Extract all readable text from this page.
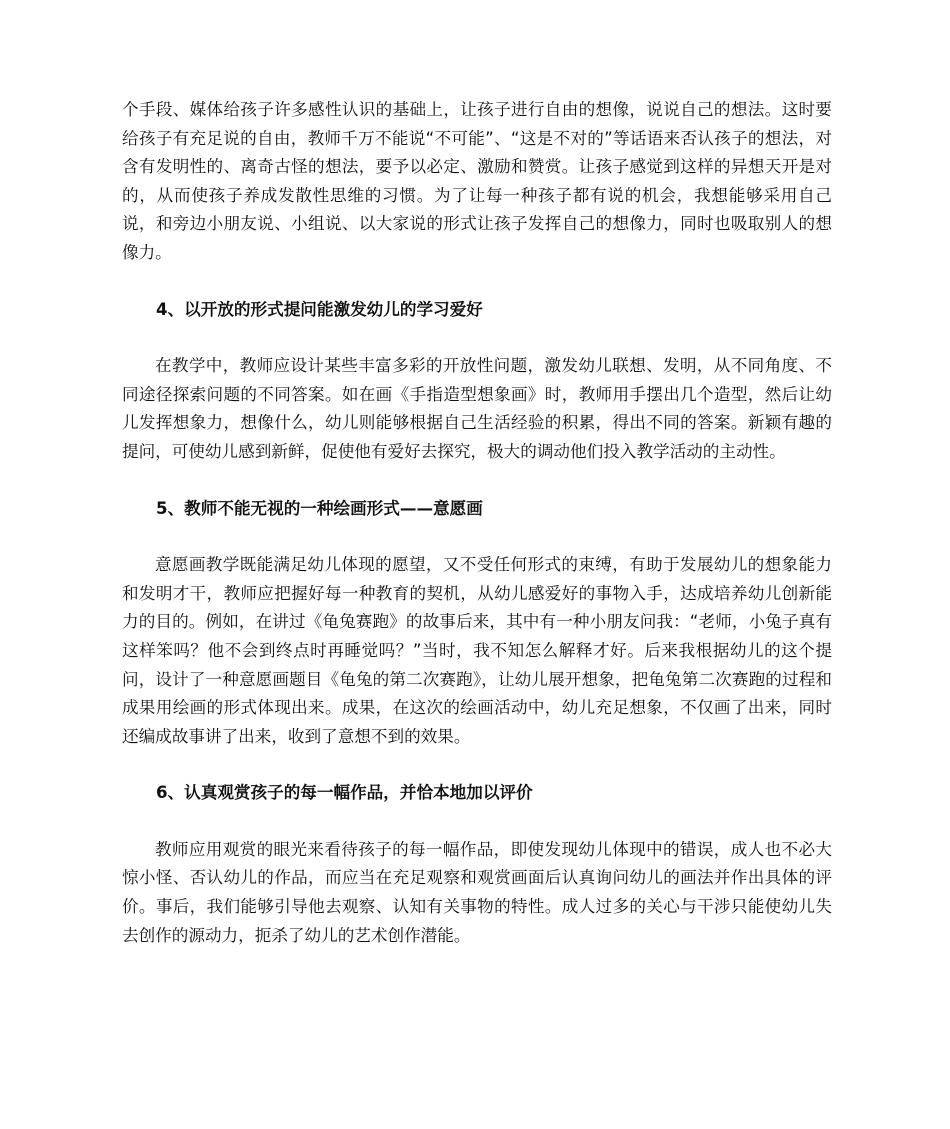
个手段、媒体给孩子许多感性认识的基础上，让孩子进行自由的想像，说说自己的想法。这时要给孩子有充足说的自由，教师千万不能说“不可能”、“这是不对的”等话语来否认孩子的想法，对含有发明性的、离奇古怪的想法，要予以必定、激励和赞赏。让孩子感觉到这样的异想天开是对的，从而使孩子养成发散性思维的习惯。为了让每一种孩子都有说的机会，我想能够采用自己说，和旁边小朋友说、小组说、以大家说的形式让孩子发挥自己的想像力，同时也吸取别人的想像力。

4、以开放的形式提问能激发幼儿的学习爱好

在教学中，教师应设计某些丰富多彩的开放性问题，激发幼儿联想、发明，从不同角度、不同途径探索问题的不同答案。如在画《手指造型想象画》时，教师用手摆出几个造型，然后让幼儿发挥想象力，想像什么，幼儿则能够根据自己生活经验的积累，得出不同的答案。新颖有趣的提问，可使幼儿感到新鲜，促使他有爱好去探究，极大的调动他们投入教学活动的主动性。

5、教师不能无视的一种绘画形式——意愿画

意愿画教学既能满足幼儿体现的愿望，又不受任何形式的束缚，有助于发展幼儿的想象能力和发明才干，教师应把握好每一种教育的契机，从幼儿感爱好的事物入手，达成培养幼儿创新能力的目的。例如，在讲过《龟兔赛跑》的故事后来，其中有一种小朋友问我：“老师，小兔子真有这样笨吗？他不会到终点时再睡觉吗？”当时，我不知怎么解释才好。后来我根据幼儿的这个提问，设计了一种意愿画题目《龟兔的第二次赛跑》，让幼儿展开想象，把龟兔第二次赛跑的过程和成果用绘画的形式体现出来。成果，在这次的绘画活动中，幼儿充足想象，不仅画了出来，同时还编成故事讲了出来，收到了意想不到的效果。

6、认真观赏孩子的每一幅作品，并恰本地加以评价

教师应用观赏的眼光来看待孩子的每一幅作品，即使发现幼儿体现中的错误，成人也不必大惊小怪、否认幼儿的作品，而应当在充足观察和观赏画面后认真询问幼儿的画法并作出具体的评价。事后，我们能够引导他去观察、认知有关事物的特性。成人过多的关心与干涉只能使幼儿失去创作的源动力，扼杀了幼儿的艺术创作潜能。
